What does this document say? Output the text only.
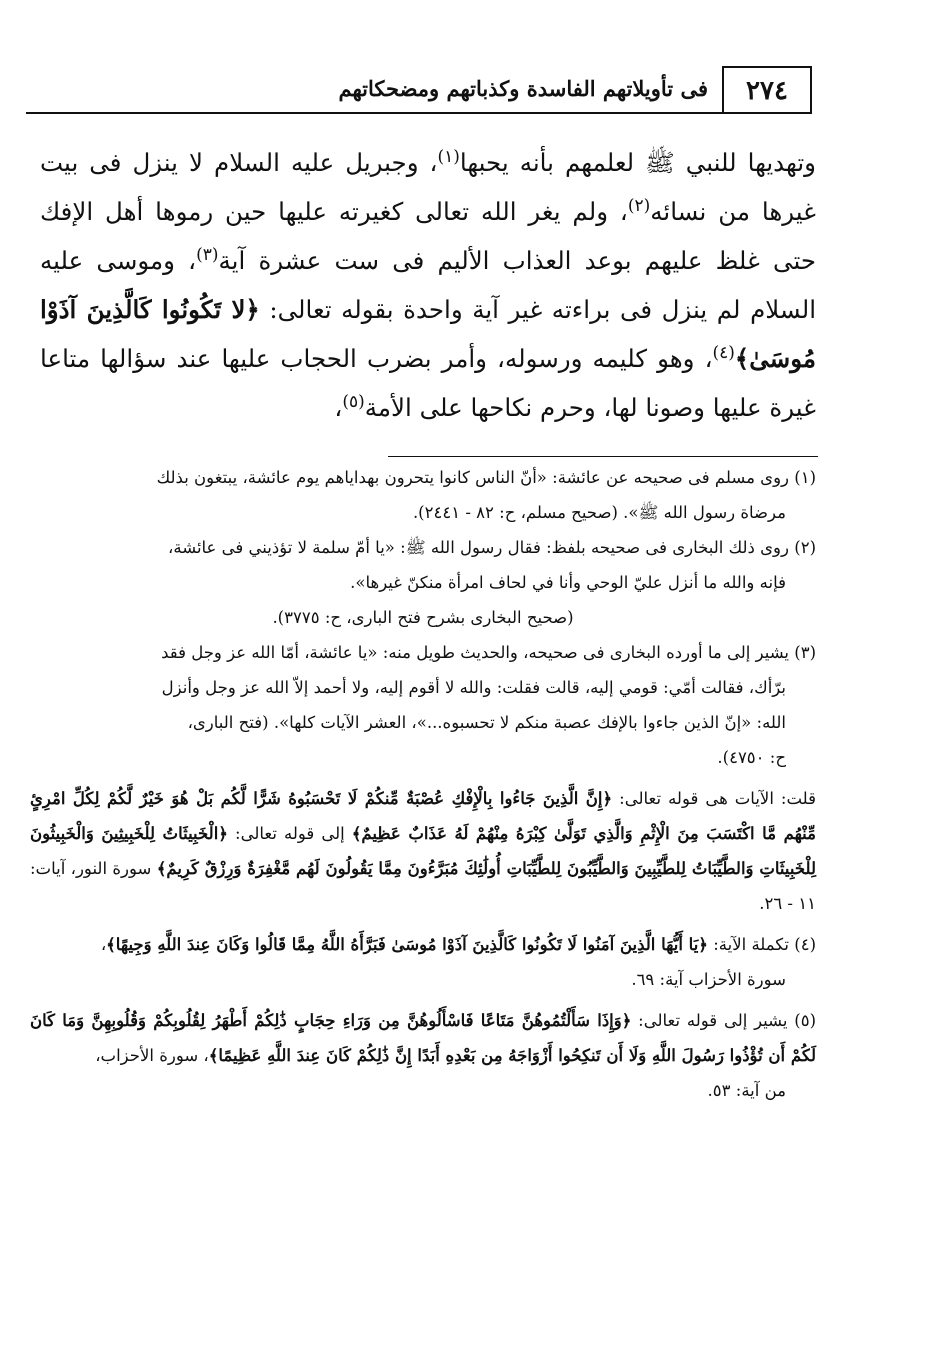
٢٧٤
فى تأويلاتهم الفاسدة وكذباتهم ومضحكاتهم
وتهديها للنبي ﷺ لعلمهم بأنه يحبها$^{(١)}$، وجبريل عليه السلام لا ينزل فى بيت غيرها من نسائه$^{(٢)}$، ولم يغر الله تعالى كغيرته عليها حين رموها أهل الإفك حتى غلظ عليهم بوعد العذاب الأليم فى ست عشرة آية$^{(٣)}$، وموسى عليه السلام لم ينزل فى براءته غير آية واحدة بقوله تعالى: ﴿لا تَكُونُوا كَالَّذِينَ آذَوْا مُوسَىٰ﴾$^{(٤)}$، وهو كليمه ورسوله، وأمر بضرب الحجاب عليها عند سؤالها متاعا غيرة عليها وصونا لها، وحرم نكاحها على الأمة$^{(٥)}$،
(١) روى مسلم فى صحيحه عن عائشة: «أنّ الناس كانوا يتحرون بهداياهم يوم عائشة، يبتغون بذلك
مرضاة رسول الله ﷺ». (صحيح مسلم، ح: ٨٢ - ٢٤٤١).
(٢) روى ذلك البخارى فى صحيحه بلفظ: فقال رسول الله ﷺ: «يا أمّ سلمة لا تؤذيني فى عائشة،
فإنه والله ما أنزل عليّ الوحي وأنا في لحاف امرأة منكنّ غيرها».
(صحيح البخارى بشرح فتح البارى، ح: ٣٧٧٥).
(٣) يشير إلى ما أورده البخارى فى صحيحه، والحديث طويل منه: «يا عائشة، أمّا الله عز وجل فقد
برّأك، فقالت أمّي: قومي إليه، قالت فقلت: والله لا أقوم إليه، ولا أحمد إلاّ الله عز وجل وأنزل
الله: «إنّ الذين جاءوا بالإفك عصبة منكم لا تحسبوه...»، العشر الآيات كلها». (فتح البارى،
ح: ٤٧٥٠).

قلت: الآيات هى قوله تعالى: ﴿إِنَّ الَّذِينَ جَاءُوا بِالْإِفْكِ عُصْبَةٌ مِّنكُمْ لَا تَحْسَبُوهُ شَرًّا لَّكُم بَلْ هُوَ خَيْرٌ لَّكُمْ لِكُلِّ امْرِئٍ مِّنْهُم مَّا اكْتَسَبَ مِنَ الْإِثْمِ وَالَّذِي تَوَلَّىٰ كِبْرَهُ مِنْهُمْ لَهُ عَذَابٌ عَظِيمٌ﴾ إلى قوله تعالى: ﴿الْخَبِيثَاتُ لِلْخَبِيثِينَ وَالْخَبِيثُونَ لِلْخَبِيثَاتِ وَالطَّيِّبَاتُ لِلطَّيِّبِينَ وَالطَّيِّبُونَ لِلطَّيِّبَاتِ أُولَٰئِكَ مُبَرَّءُونَ مِمَّا يَقُولُونَ لَهُم مَّغْفِرَةٌ وَرِزْقٌ كَرِيمٌ﴾ سورة النور، آيات: ١١ - ٢٦.

(٤) تكملة الآية: ﴿يَا أَيُّهَا الَّذِينَ آمَنُوا لَا تَكُونُوا كَالَّذِينَ آذَوْا مُوسَىٰ فَبَرَّأَهُ اللَّهُ مِمَّا قَالُوا وَكَانَ عِندَ اللَّهِ وَجِيهًا﴾،
سورة الأحزاب آية: ٦٩.

(٥) يشير إلى قوله تعالى: ﴿وَإِذَا سَأَلْتُمُوهُنَّ مَتَاعًا فَاسْأَلُوهُنَّ مِن وَرَاءِ حِجَابٍ ذَٰلِكُمْ أَطْهَرُ لِقُلُوبِكُمْ وَقُلُوبِهِنَّ وَمَا كَانَ لَكُمْ أَن تُؤْذُوا رَسُولَ اللَّهِ وَلَا أَن تَنكِحُوا أَزْوَاجَهُ مِن بَعْدِهِ أَبَدًا إِنَّ ذَٰلِكُمْ كَانَ عِندَ اللَّهِ عَظِيمًا﴾، سورة الأحزاب،
من آية: ٥٣.
